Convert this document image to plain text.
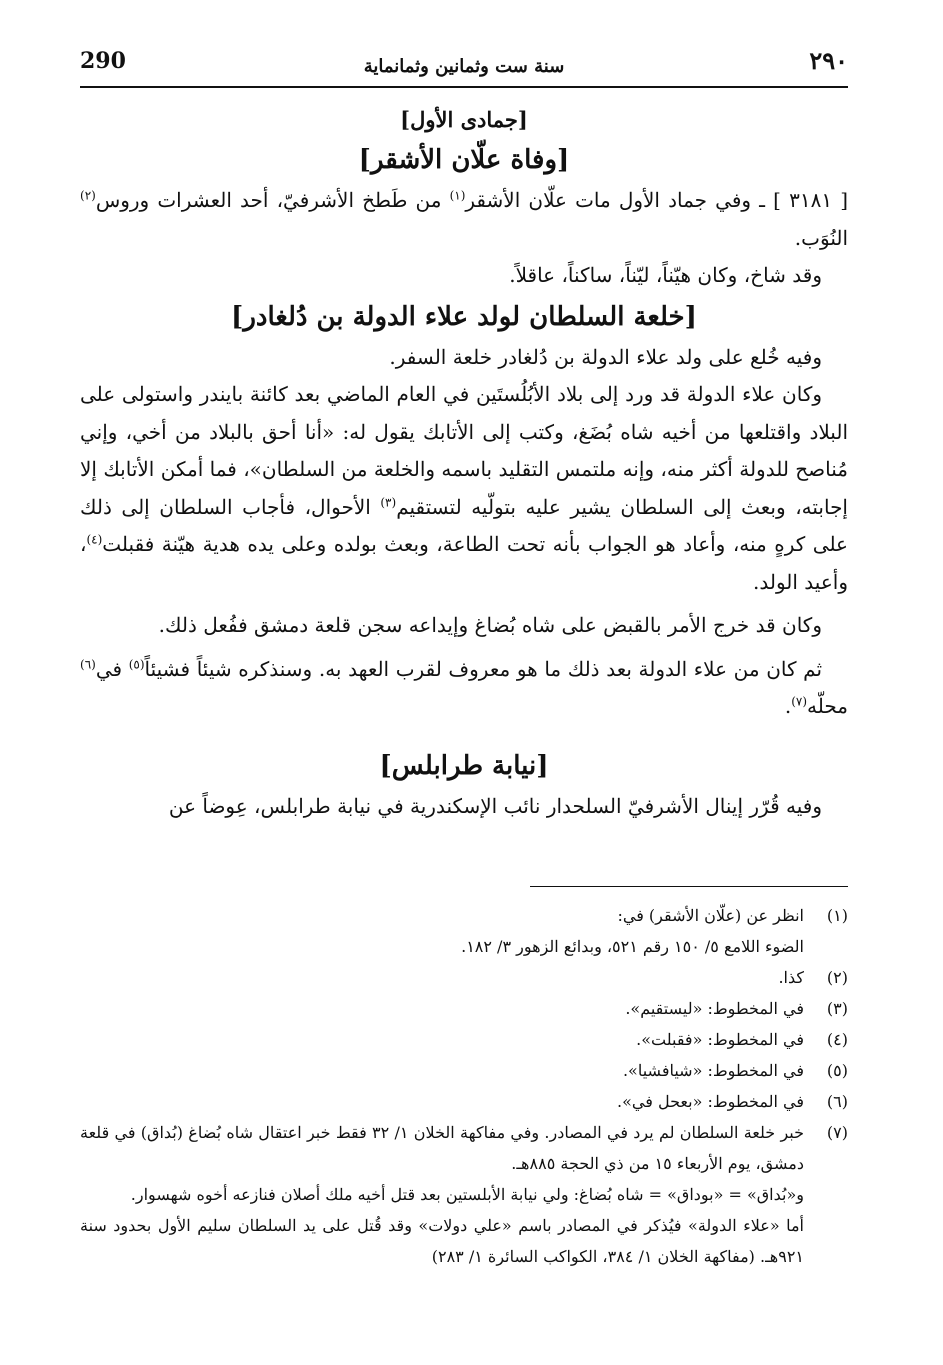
290	سنة ست وثمانين وثمانماية	٢٩٠
[جمادى الأول]
[وفاة علّان الأشقر]

[ ٣١٨١ ] ـ وفي جماد الأول مات علّان الأشقر$^{(١)}$ من طَطخ الأشرفيّ، أحد العشرات وروس$^{(٢)}$ النُوَب.

وقد شاخ، وكان هيّناً، ليّناً، ساكناً، عاقلاً.

[خلعة السلطان لولد علاء الدولة بن دُلغادر]

وفيه خُلع على ولد علاء الدولة بن دُلغادر خلعة السفر.

وكان علاء الدولة قد ورد إلى بلاد الأبُلُستَين في العام الماضي بعد كائنة بايندر واستولى على البلاد واقتلعها من أخيه شاه بُضَغ، وكتب إلى الأتابك يقول له: «أنا أحق بالبلاد من أخي، وإني مُناصح للدولة أكثر منه، وإنه ملتمس التقليد باسمه والخلعة من السلطان»، فما أمكن الأتابك إلا إجابته، وبعث إلى السلطان يشير عليه بتولّيه لتستقيم$^{(٣)}$ الأحوال، فأجاب السلطان إلى ذلك على كرهٍ منه، وأعاد هو الجواب بأنه تحت الطاعة، وبعث بولده وعلى يده هدية هيّنة فقبلت$^{(٤)}$، وأعيد الولد.

وكان قد خرج الأمر بالقبض على شاه بُضاغ وإيداعه سجن قلعة دمشق ففُعل ذلك.

ثم كان من علاء الدولة بعد ذلك ما هو معروف لقرب العهد به. وسنذكره شيئاً فشيئاً$^{(٥)}$ في$^{(٦)}$ محلّه$^{(٧)}$.

[نيابة طرابلس]

وفيه قُرّر إينال الأشرفيّ السلحدار نائب الإسكندرية في نيابة طرابلس، عِوضاً عن

(١)
انظر عن (علّان الأشقر) في:
الضوء اللامع ٥/ ١٥٠ رقم ٥٢١، وبدائع الزهور ٣/ ١٨٢.
(٢)
كذا.
(٣)
في المخطوط: «ليستقيم».
(٤)
في المخطوط: «فقبلت».
(٥)
في المخطوط: «شيافشيا».
(٦)
في المخطوط: «بعحل في».
(٧)
خبر خلعة السلطان لم يرد في المصادر. وفي مفاكهة الخلان ١/ ٣٢ فقط خبر اعتقال شاه بُضاغ (بُداق) في قلعة دمشق، يوم الأربعاء ١٥ من ذي الحجة ٨٨٥هـ.
و«بُداق» = «بوداق» = شاه بُضاغ: ولي نيابة الأبلستين بعد قتل أخيه ملك أصلان فنازعه أخوه شهسوار.
أما «علاء الدولة» فيُذكر في المصادر باسم «علي دولات» وقد قُتل على يد السلطان سليم الأول بحدود سنة ٩٢١هـ. (مفاكهة الخلان ١/ ٣٨٤، الكواكب السائرة ١/ ٢٨٣)
